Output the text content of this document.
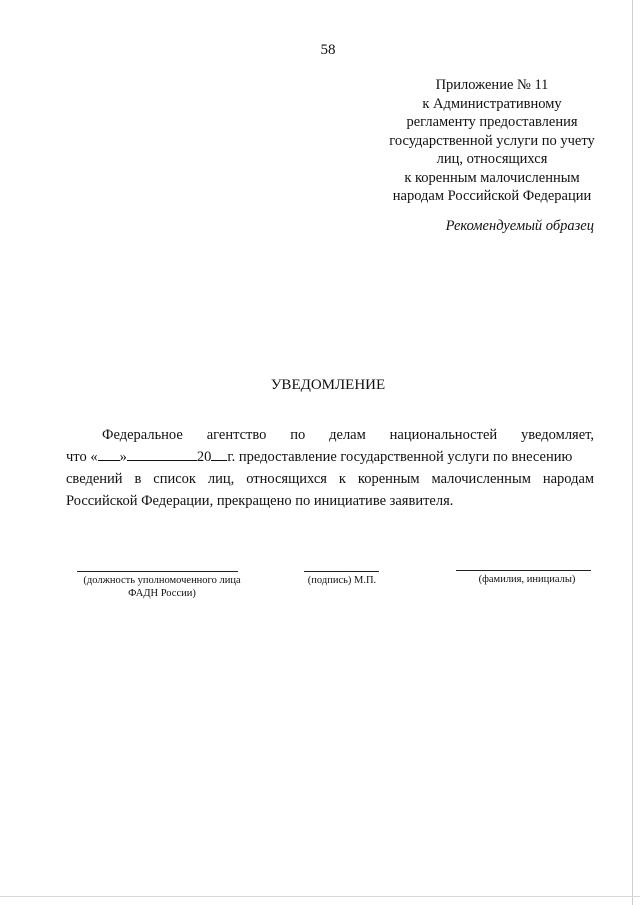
58
Приложение № 11
к Административному
регламенту предоставления
государственной услуги по учету
лиц, относящихся
к коренным малочисленным
народам Российской Федерации
Рекомендуемый образец
УВЕДОМЛЕНИЕ
Федеральное агентство по делам национальностей уведомляет,
что « »	20 г. предоставление государственной услуги по внесению
сведений в список лиц, относящихся к коренным малочисленным народам
Российской Федерации, прекращено по инициативе заявителя.
(должность уполномоченного лица
ФАДН России)
(подпись) М.П.	(фамилия, инициалы)
